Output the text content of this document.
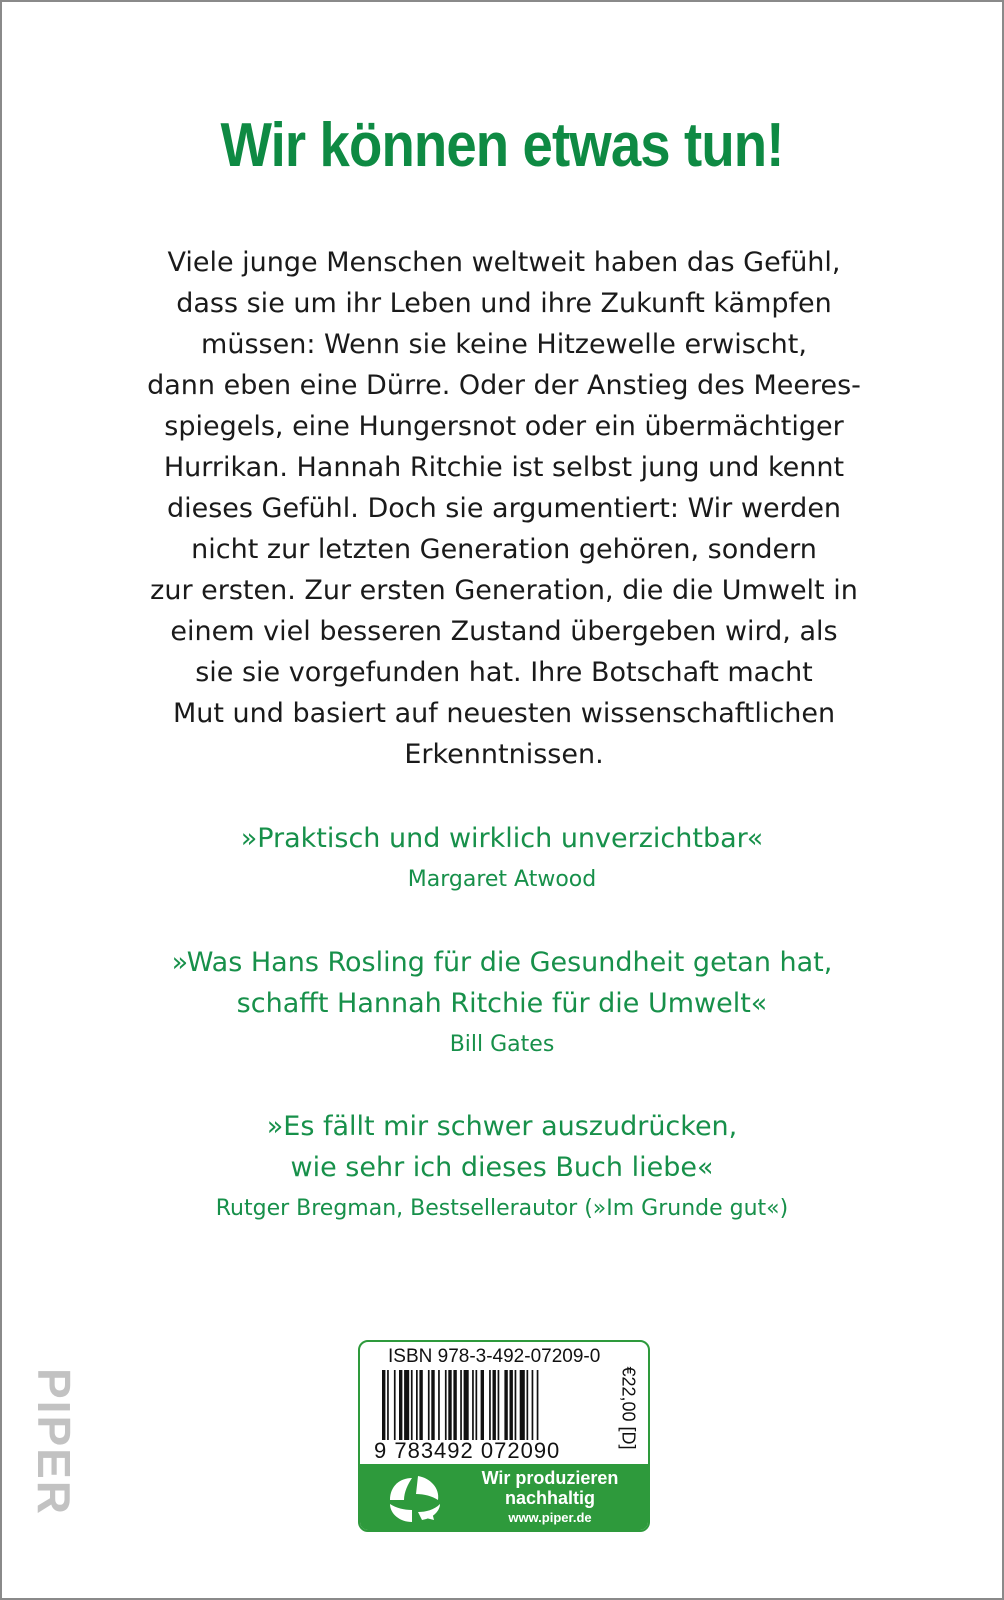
Wir können etwas tun!
Viele junge Menschen weltweit haben das Gefühl,
dass sie um ihr Leben und ihre Zukunft kämpfen
müssen: Wenn sie keine Hitzewelle erwischt,
dann eben eine Dürre. Oder der Anstieg des Meeres-
spiegels, eine Hungersnot oder ein übermächtiger
Hurrikan. Hannah Ritchie ist selbst jung und kennt
dieses Gefühl. Doch sie argumentiert: Wir werden
nicht zur letzten Generation gehören, sondern
zur ersten. Zur ersten Generation, die die Umwelt in
einem viel besseren Zustand übergeben wird, als
sie sie vorgefunden hat. Ihre Botschaft macht
Mut und basiert auf neuesten wissenschaftlichen
Erkenntnissen.
»Praktisch und wirklich unverzichtbar«
Margaret Atwood
»Was Hans Rosling für die Gesundheit getan hat,
schafft Hannah Ritchie für die Umwelt«
Bill Gates
»Es fällt mir schwer auszudrücken,
wie sehr ich dieses Buch liebe«
Rutger Bregman, Bestsellerautor (»Im Grunde gut«)
PIPER
ISBN 978-3-492-07209-0
9 783492 072090
€22,00 [D]
Wir produzieren
nachhaltig
www.piper.de
